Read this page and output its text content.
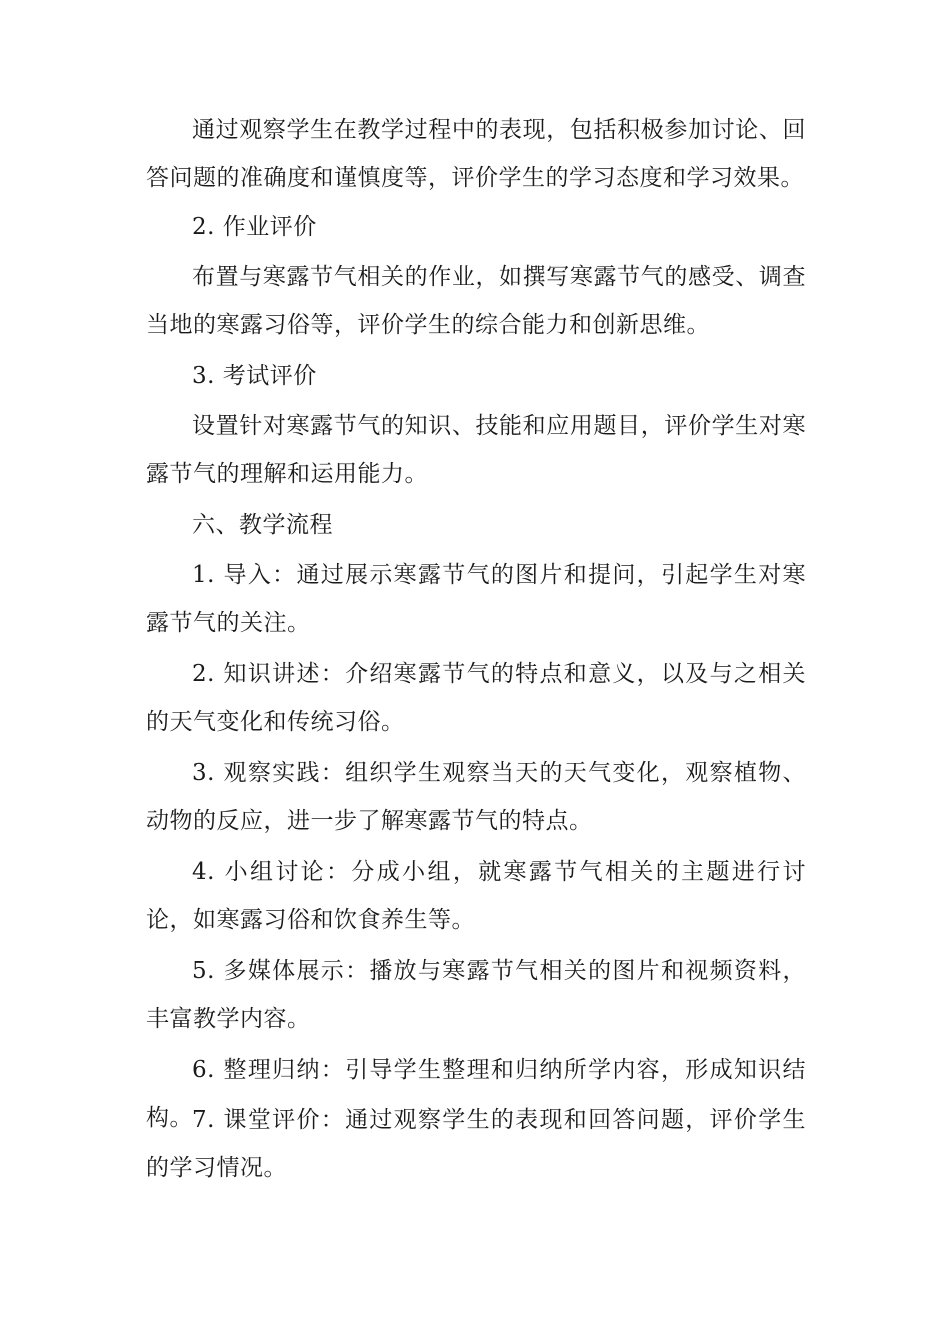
通过观察学生在教学过程中的表现，包括积极参加讨论、回答问题的准确度和谨慎度等，评价学生的学习态度和学习效果。

2. 作业评价

布置与寒露节气相关的作业，如撰写寒露节气的感受、调查当地的寒露习俗等，评价学生的综合能力和创新思维。

3. 考试评价

设置针对寒露节气的知识、技能和应用题目，评价学生对寒露节气的理解和运用能力。

六、教学流程

1. 导入：通过展示寒露节气的图片和提问，引起学生对寒露节气的关注。

2. 知识讲述：介绍寒露节气的特点和意义，以及与之相关的天气变化和传统习俗。

3. 观察实践：组织学生观察当天的天气变化，观察植物、动物的反应，进一步了解寒露节气的特点。

4. 小组讨论：分成小组，就寒露节气相关的主题进行讨论，如寒露习俗和饮食养生等。

5. 多媒体展示：播放与寒露节气相关的图片和视频资料，丰富教学内容。

6. 整理归纳：引导学生整理和归纳所学内容，形成知识结构。 7. 课堂评价：通过观察学生的表现和回答问题，评价学生的学习情况。
